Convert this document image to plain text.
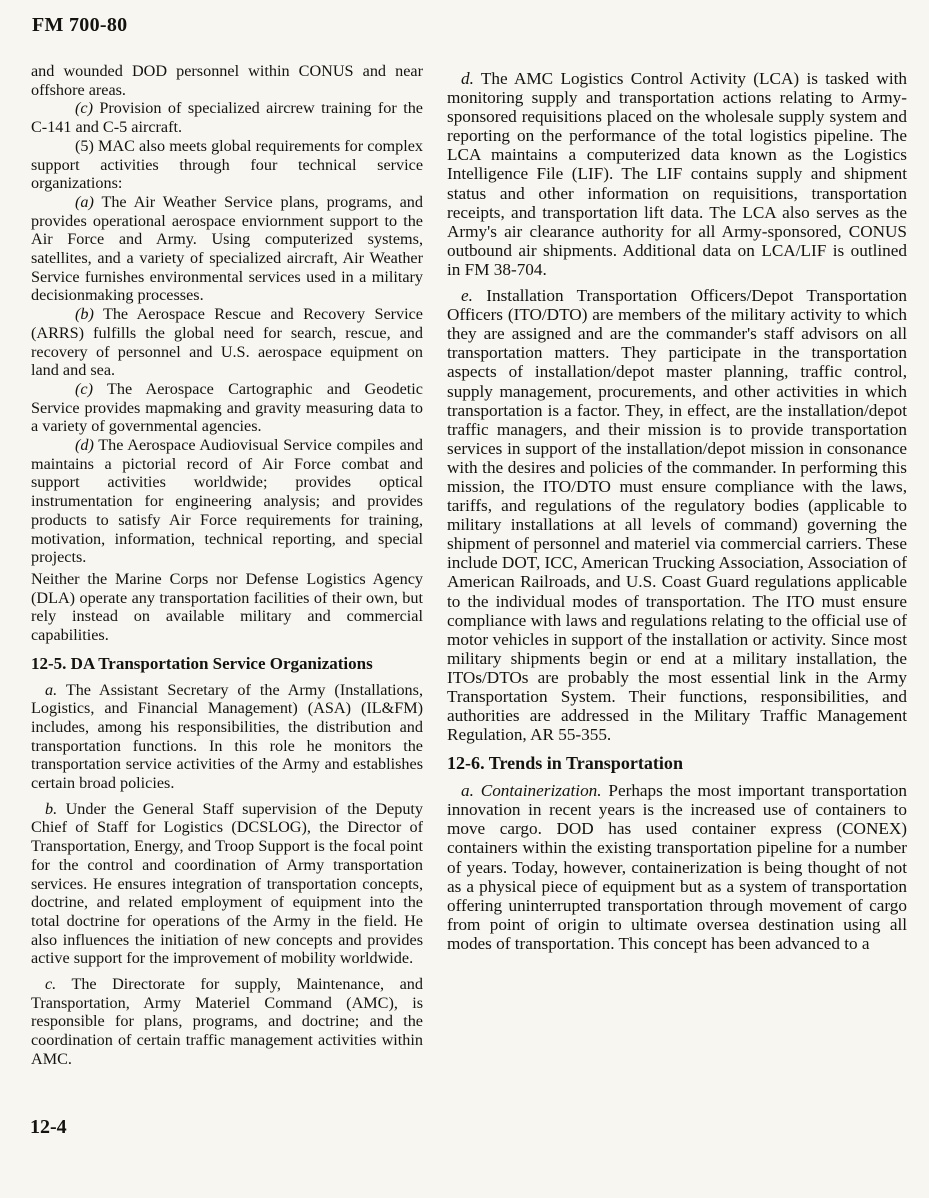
FM 700-80

and wounded DOD personnel within CONUS and near offshore areas.

(c) Provision of specialized aircrew training for the C-141 and C-5 aircraft.

(5) MAC also meets global requirements for complex support activities through four technical service organizations:

(a) The Air Weather Service plans, programs, and provides operational aerospace enviornment support to the Air Force and Army. Using computerized systems, satellites, and a variety of specialized aircraft, Air Weather Service furnishes environmental services used in a military decisionmaking processes.

(b) The Aerospace Rescue and Recovery Service (ARRS) fulfills the global need for search, rescue, and recovery of personnel and U.S. aerospace equipment on land and sea.

(c) The Aerospace Cartographic and Geodetic Service provides mapmaking and gravity measuring data to a variety of governmental agencies.

(d) The Aerospace Audiovisual Service compiles and maintains a pictorial record of Air Force combat and support activities worldwide; provides optical instrumentation for engineering analysis; and provides products to satisfy Air Force requirements for training, motivation, information, technical reporting, and special projects.

Neither the Marine Corps nor Defense Logistics Agency (DLA) operate any transportation facilities of their own, but rely instead on available military and commercial capabilities.

12-5. DA Transportation Service Organizations

a. The Assistant Secretary of the Army (Installations, Logistics, and Financial Management) (ASA) (IL&FM) includes, among his responsibilities, the distribution and transportation functions. In this role he monitors the transportation service activities of the Army and establishes certain broad policies.

b. Under the General Staff supervision of the Deputy Chief of Staff for Logistics (DCSLOG), the Director of Transportation, Energy, and Troop Support is the focal point for the control and coordination of Army transportation services. He ensures integration of transportation concepts, doctrine, and related employment of equipment into the total doctrine for operations of the Army in the field. He also influences the initiation of new concepts and provides active support for the improvement of mobility worldwide.

c. The Directorate for supply, Maintenance, and Transportation, Army Materiel Command (AMC), is responsible for plans, programs, and doctrine; and the coordination of certain traffic management activities within AMC.

d. The AMC Logistics Control Activity (LCA) is tasked with monitoring supply and transportation actions relating to Army-sponsored requisitions placed on the wholesale supply system and reporting on the performance of the total logistics pipeline. The LCA maintains a computerized data known as the Logistics Intelligence File (LIF). The LIF contains supply and shipment status and other information on requisitions, transportation receipts, and transportation lift data. The LCA also serves as the Army's air clearance authority for all Army-sponsored, CONUS outbound air shipments. Additional data on LCA/LIF is outlined in FM 38-704.

e. Installation Transportation Officers/Depot Transportation Officers (ITO/DTO) are members of the military activity to which they are assigned and are the commander's staff advisors on all transportation matters. They participate in the transportation aspects of installation/depot master planning, traffic control, supply management, procurements, and other activities in which transportation is a factor. They, in effect, are the installation/depot traffic managers, and their mission is to provide transportation services in support of the installation/depot mission in consonance with the desires and policies of the commander. In performing this mission, the ITO/DTO must ensure compliance with the laws, tariffs, and regulations of the regulatory bodies (applicable to military installations at all levels of command) governing the shipment of personnel and materiel via commercial carriers. These include DOT, ICC, American Trucking Association, Association of American Railroads, and U.S. Coast Guard regulations applicable to the individual modes of transportation. The ITO must ensure compliance with laws and regulations relating to the official use of motor vehicles in support of the installation or activity. Since most military shipments begin or end at a military installation, the ITOs/DTOs are probably the most essential link in the Army Transportation System. Their functions, responsibilities, and authorities are addressed in the Military Traffic Management Regulation, AR 55-355.

12-6. Trends in Transportation

a. Containerization. Perhaps the most important transportation innovation in recent years is the increased use of containers to move cargo. DOD has used container express (CONEX) containers within the existing transportation pipeline for a number of years. Today, however, containerization is being thought of not as a physical piece of equipment but as a system of transportation offering uninterrupted transportation through movement of cargo from point of origin to ultimate oversea destination using all modes of transportation. This concept has been advanced to a

12-4
